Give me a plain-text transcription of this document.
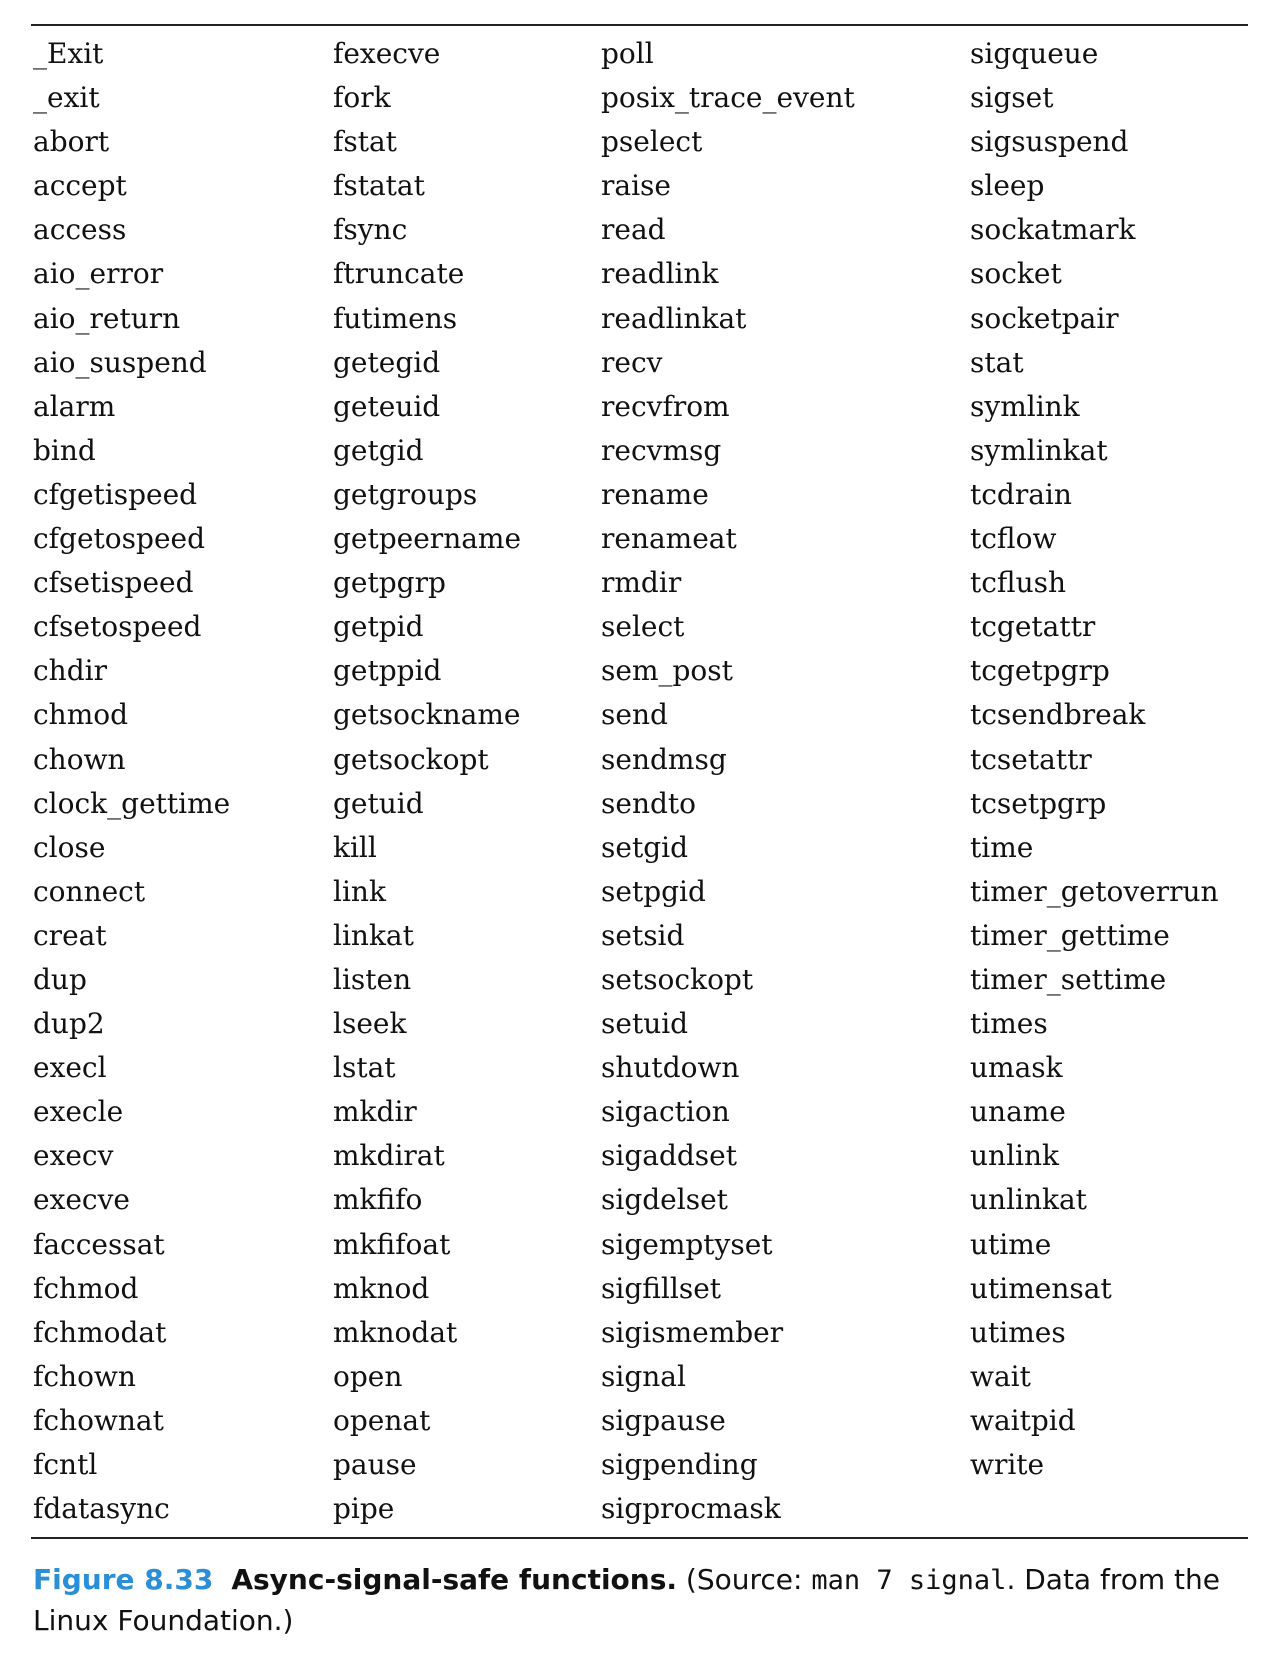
_Exit
_exit
abort
accept
access
aio_error
aio_return
aio_suspend
alarm
bind
cfgetispeed
cfgetospeed
cfsetispeed
cfsetospeed
chdir
chmod
chown
clock_gettime
close
connect
creat
dup
dup2
execl
execle
execv
execve
faccessat
fchmod
fchmodat
fchown
fchownat
fcntl
fdatasync
fexecve
fork
fstat
fstatat
fsync
ftruncate
futimens
getegid
geteuid
getgid
getgroups
getpeername
getpgrp
getpid
getppid
getsockname
getsockopt
getuid
kill
link
linkat
listen
lseek
lstat
mkdir
mkdirat
mkfifo
mkfifoat
mknod
mknodat
open
openat
pause
pipe
poll
posix_trace_event
pselect
raise
read
readlink
readlinkat
recv
recvfrom
recvmsg
rename
renameat
rmdir
select
sem_post
send
sendmsg
sendto
setgid
setpgid
setsid
setsockopt
setuid
shutdown
sigaction
sigaddset
sigdelset
sigemptyset
sigfillset
sigismember
signal
sigpause
sigpending
sigprocmask
sigqueue
sigset
sigsuspend
sleep
sockatmark
socket
socketpair
stat
symlink
symlinkat
tcdrain
tcflow
tcflush
tcgetattr
tcgetpgrp
tcsendbreak
tcsetattr
tcsetpgrp
time
timer_getoverrun
timer_gettime
timer_settime
times
umask
uname
unlink
unlinkat
utime
utimensat
utimes
wait
waitpid
write
Figure 8.33 Async-signal-safe functions. (Source: man 7 signal. Data from the Linux Foundation.)
